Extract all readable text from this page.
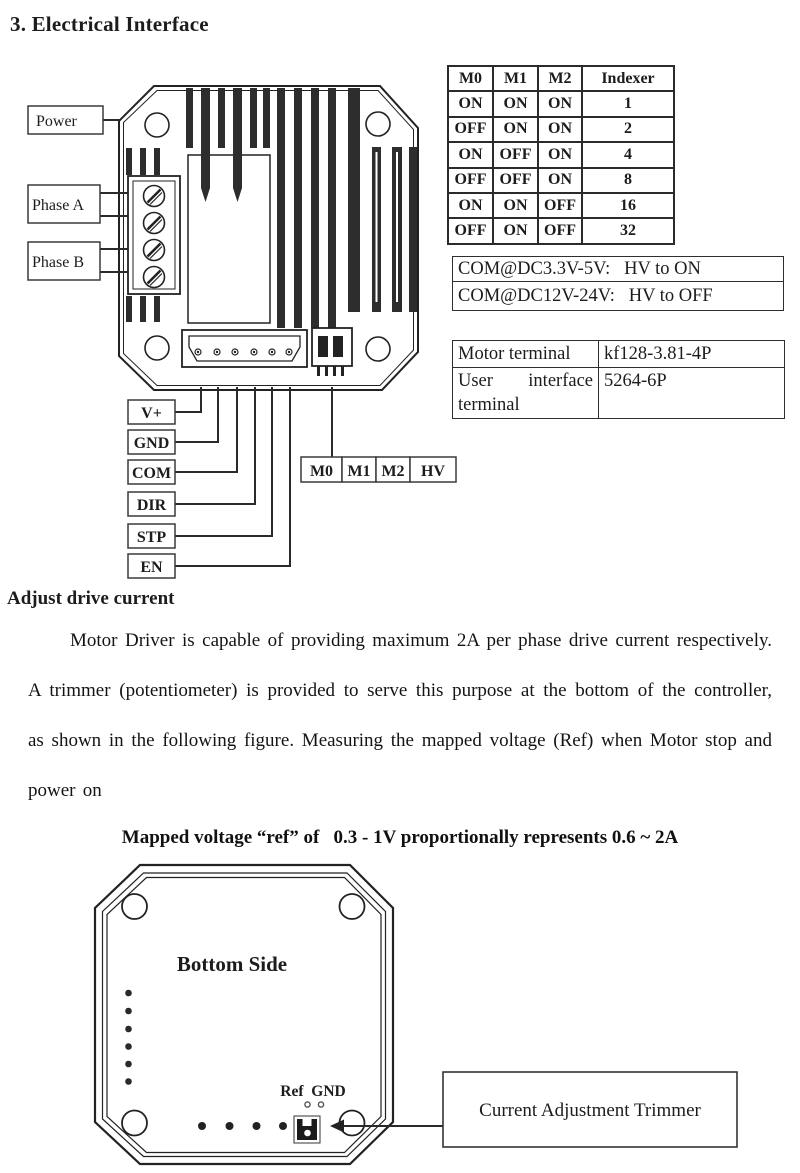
3. Electrical Interface
Power
Phase A
Phase B
V+
GND
COM
DIR
STP
EN
M0 M1 M2 HV
M0	M1	M2	Indexer
ON	ON	ON	1
OFF	ON	ON	2
ON	OFF	ON	4
OFF	OFF	ON	8
ON	ON	OFF	16
OFF	ON	OFF	32
COM@DC3.3V-5V:   HV to ON
COM@DC12V-24V:   HV to OFF
Motor terminal	kf128-3.81-4P
User interface terminal	5264-6P
Adjust drive current
Motor Driver is capable of providing maximum 2A per phase drive current respectively. A trimmer (potentiometer) is provided to serve this purpose at the bottom of the controller, as shown in the following figure. Measuring the mapped voltage (Ref) when Motor stop and power on
Mapped voltage “ref” of   0.3 - 1V proportionally represents 0.6 ~ 2A
Bottom Side
Ref  GND
Current Adjustment Trimmer
